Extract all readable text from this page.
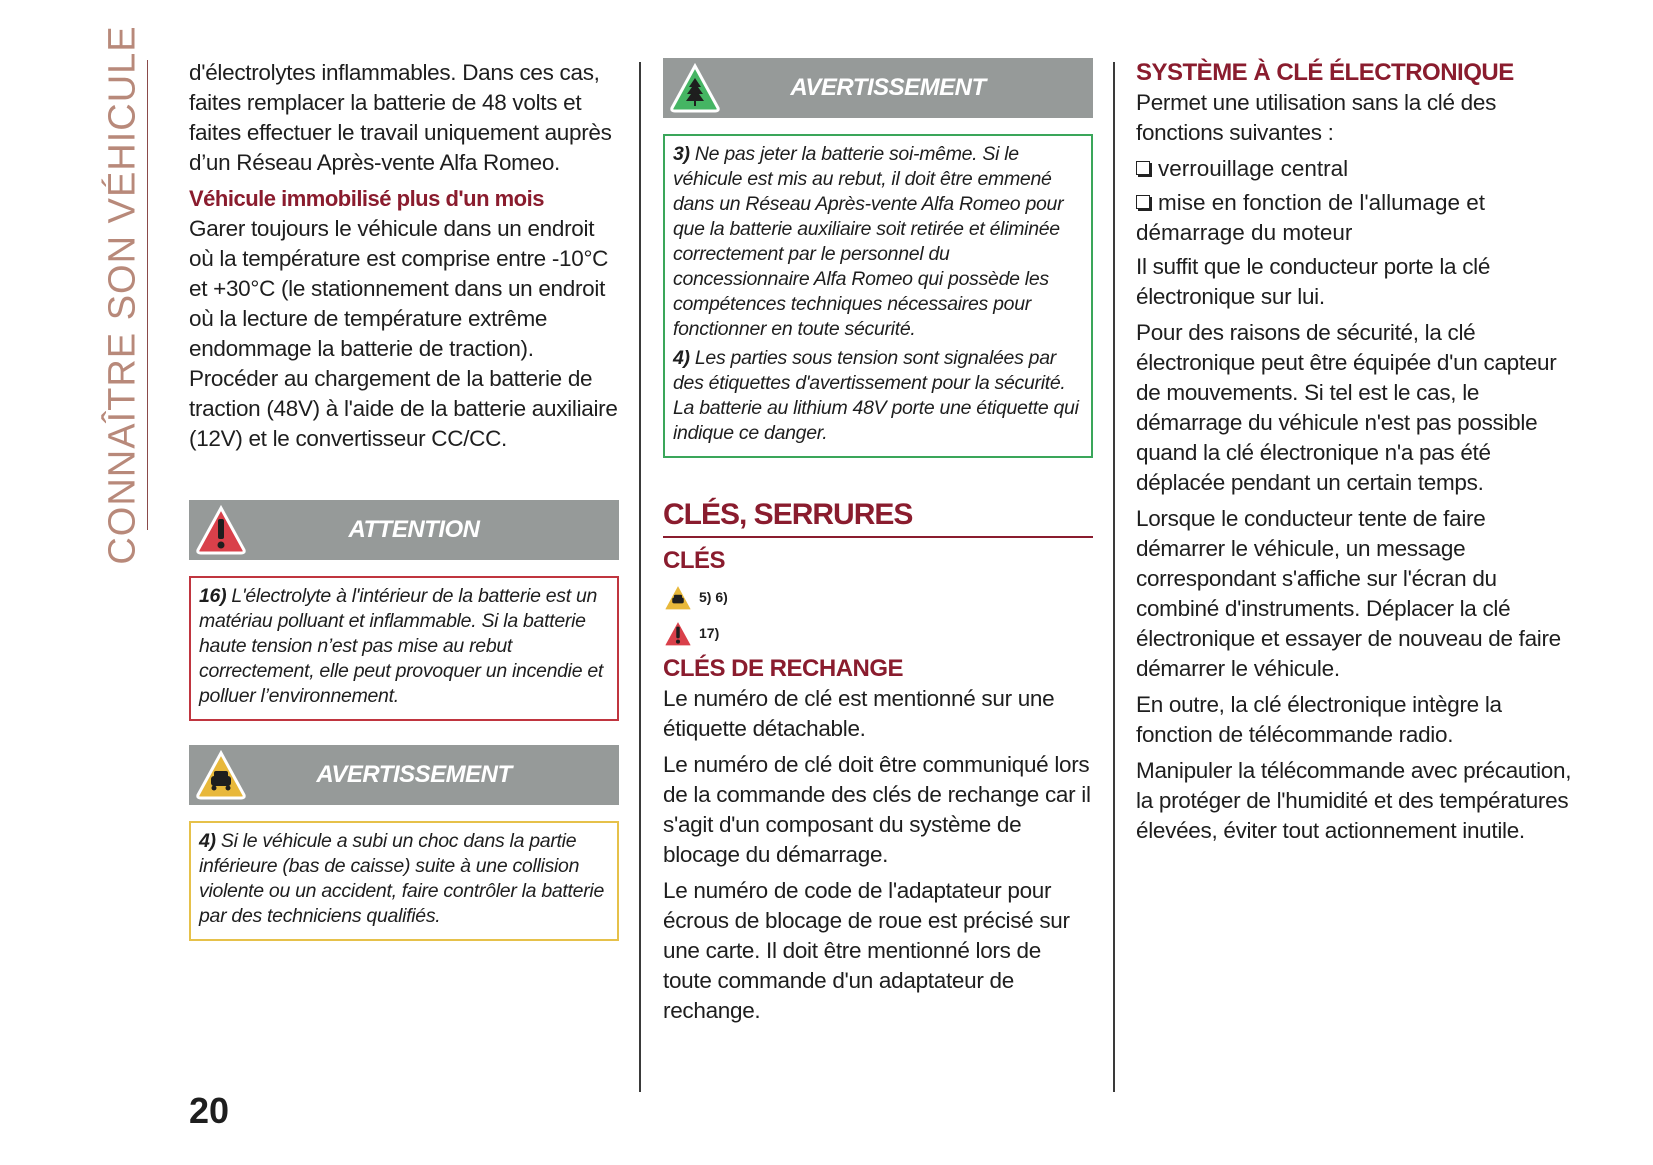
CONNAÎTRE SON VÉHICULE d'électrolytes inflammables. Dans ces cas, faites remplacer la batterie de 48 volts et faites effectuer le travail uniquement auprès d’un Réseau Après-vente Alfa Romeo.

Véhicule immobilisé plus d'un mois

Garer toujours le véhicule dans un endroit où la température est comprise entre -10°C et +30°C (le stationnement dans un endroit où la lecture de température extrême endommage la batterie de traction). Procéder au chargement de la batterie de traction (48V) à l'aide de la batterie auxiliaire (12V) et le convertisseur CC/CC.

ATTENTION

16) L'électrolyte à l'intérieur de la batterie est un matériau polluant et inflammable. Si la batterie haute tension n’est pas mise au rebut correctement, elle peut provoquer un incendie et polluer l’environnement.

AVERTISSEMENT

4) Si le véhicule a subi un choc dans la partie inférieure (bas de caisse) suite à une collision violente ou un accident, faire contrôler la batterie par des techniciens qualifiés.

AVERTISSEMENT

3) Ne pas jeter la batterie soi-même. Si le véhicule est mis au rebut, il doit être emmené dans un Réseau Après-vente Alfa Romeo pour que la batterie auxiliaire soit retirée et éliminée correctement par le personnel du concessionnaire Alfa Romeo qui possède les compétences techniques nécessaires pour fonctionner en toute sécurité.

4) Les parties sous tension sont signalées par des étiquettes d'avertissement pour la sécurité. La batterie au lithium 48V porte une étiquette qui indique ce danger.

CLÉS, SERRURES
CLÉS
5) 6)
17)
CLÉS DE RECHANGE

Le numéro de clé est mentionné sur une étiquette détachable.

Le numéro de clé doit être communiqué lors de la commande des clés de rechange car il s'agit d'un composant du système de blocage du démarrage.

Le numéro de code de l'adaptateur pour écrous de blocage de roue est précisé sur une carte. Il doit être mentionné lors de toute commande d'un adaptateur de rechange.

SYSTÈME À CLÉ ÉLECTRONIQUE

Permet une utilisation sans la clé des fonctions suivantes :

verrouillage central
mise en fonction de l'allumage et démarrage du moteur

Il suffit que le conducteur porte la clé électronique sur lui.

Pour des raisons de sécurité, la clé électronique peut être équipée d'un capteur de mouvements. Si tel est le cas, le démarrage du véhicule n'est pas possible quand la clé électronique n'a pas été déplacée pendant un certain temps.

Lorsque le conducteur tente de faire démarrer le véhicule, un message correspondant s'affiche sur l'écran du combiné d'instruments. Déplacer la clé électronique et essayer de nouveau de faire démarrer le véhicule.

En outre, la clé électronique intègre la fonction de télécommande radio.

Manipuler la télécommande avec précaution, la protéger de l'humidité et des températures élevées, éviter tout actionnement inutile.

20
